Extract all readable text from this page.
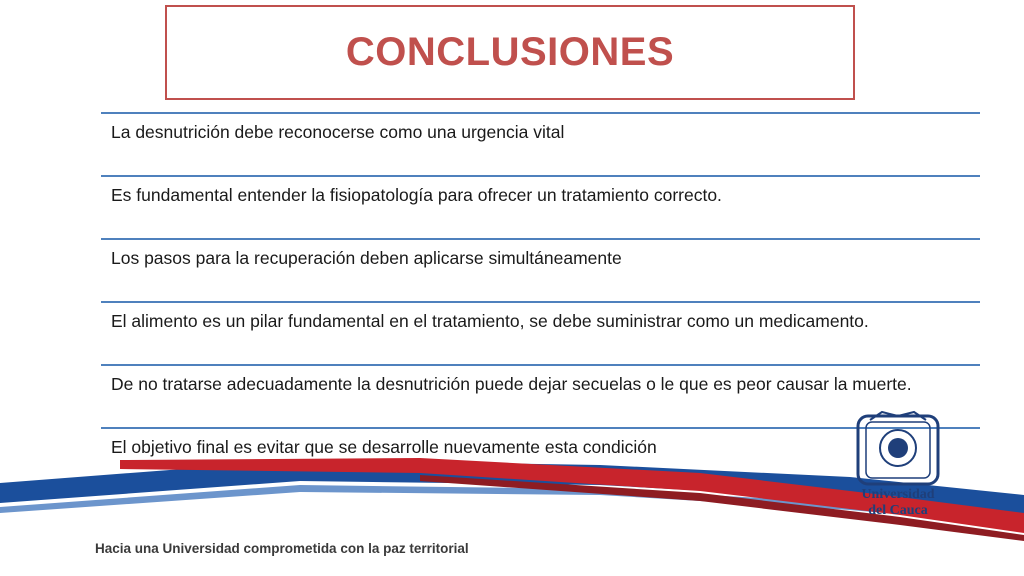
CONCLUSIONES
La desnutrición debe reconocerse como una urgencia vital
Es fundamental entender la fisiopatología para ofrecer un tratamiento correcto.
Los pasos para la recuperación deben aplicarse simultáneamente
El alimento es un pilar fundamental en el tratamiento, se debe suministrar como un medicamento.
De no tratarse adecuadamente la desnutrición puede dejar secuelas o le que es peor causar la muerte.
El objetivo final es evitar que se desarrolle nuevamente esta condición
Hacia una Universidad comprometida con la paz territorial
Universidad
del Cauca
